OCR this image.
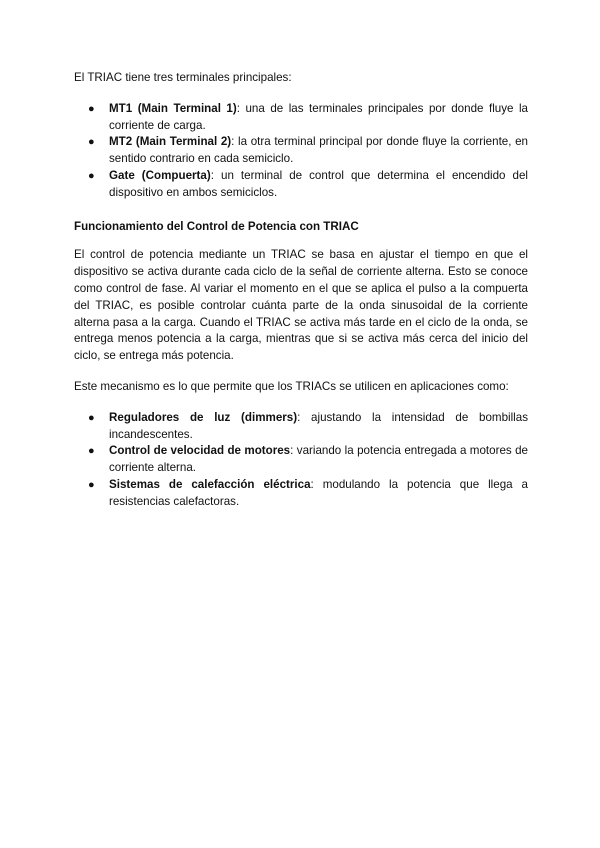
El TRIAC tiene tres terminales principales:

● MT1 (Main Terminal 1): una de las terminales principales por donde fluye la corriente de carga.
● MT2 (Main Terminal 2): la otra terminal principal por donde fluye la corriente, en sentido contrario en cada semiciclo.
● Gate (Compuerta): un terminal de control que determina el encendido del dispositivo en ambos semiciclos.
Funcionamiento del Control de Potencia con TRIAC

El control de potencia mediante un TRIAC se basa en ajustar el tiempo en que el dispositivo se activa durante cada ciclo de la señal de corriente alterna. Esto se conoce como control de fase. Al variar el momento en el que se aplica el pulso a la compuerta del TRIAC, es posible controlar cuánta parte de la onda sinusoidal de la corriente alterna pasa a la carga. Cuando el TRIAC se activa más tarde en el ciclo de la onda, se entrega menos potencia a la carga, mientras que si se activa más cerca del inicio del ciclo, se entrega más potencia.

Este mecanismo es lo que permite que los TRIACs se utilicen en aplicaciones como:

● Reguladores de luz (dimmers): ajustando la intensidad de bombillas incandescentes.
● Control de velocidad de motores: variando la potencia entregada a motores de corriente alterna.
● Sistemas de calefacción eléctrica: modulando la potencia que llega a resistencias calefactoras.
